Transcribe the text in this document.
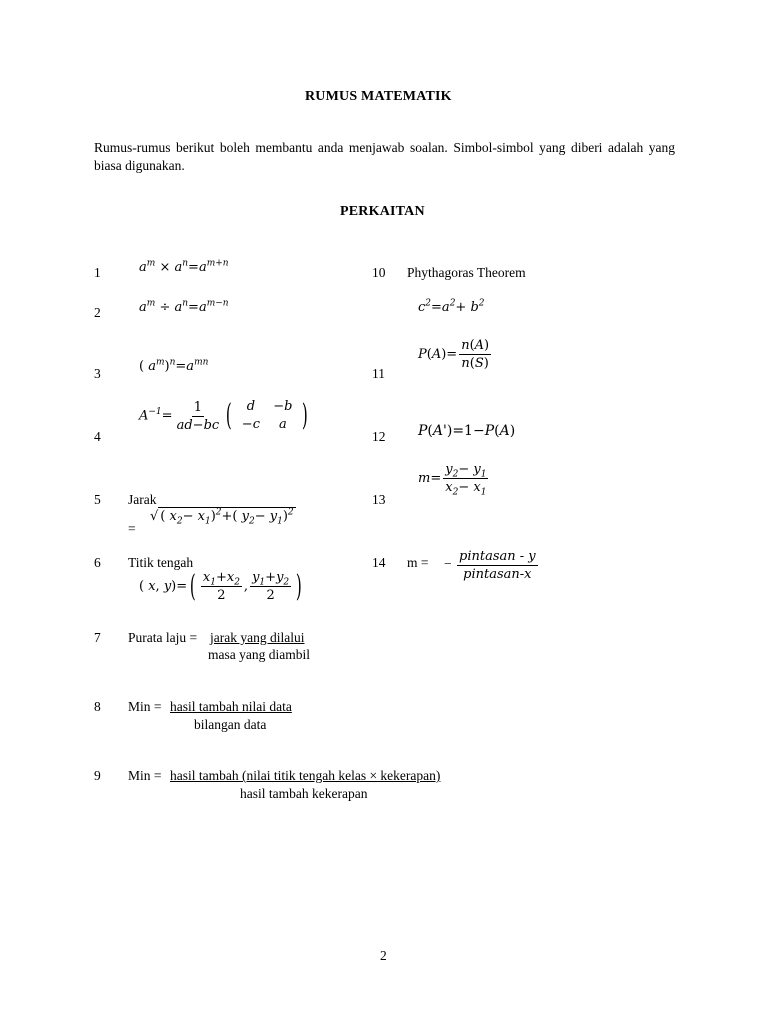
RUMUS MATEMATIK
Rumus-rumus berikut boleh membantu anda menjawab soalan. Simbol-simbol yang diberi adalah yang biasa digunakan.
PERKAITAN
1
2
3
4
5
6
7
8
9
10
11
12
13
14
$a^m \times a^n=a^{m+n}$
$a^m \div a^n=a^{m-n}$
( $a^m)^n=a^{mn}$
$A^{-1}= \frac{1}{ad-bc}$ (	d	−b
−c	a )
Jarak
=
√ ( $x_2- x_1)^2+$( $y_2- y_1)^2$
Titik tengah
( x, $y)=( \frac{x_1+x_2}{2}$ , $\frac{y_1+y_2}{2}$ )
Purata laju = jarak yang dilalui
masa yang diambil
Min = hasil tambah nilai data
bilangan data
Min = hasil tambah (nilai titik tengah kelas × kekerapan)
hasil tambah kekerapan
Phythagoras Theorem
$c^2=a^2+ b^2$
$P(A)= \frac{n(A)}{n(S)}$
P(A')=1−P(A)
$m= \frac{y_2- y_1}{x_2- x_1}$
m = − $\frac{\text{pintasan - y}}{\text{pintasan-x}}$
2
